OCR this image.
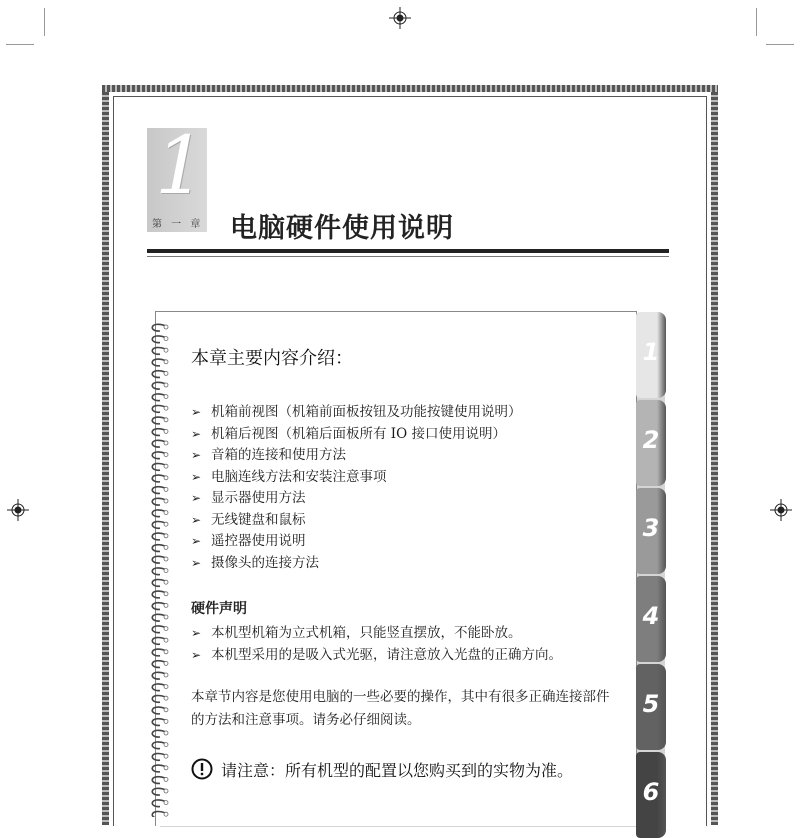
1
第 一 章 电脑硬件使用说明
1
2
3
4
5
6
本章主要内容介绍：
➢ 机箱前视图（机箱前面板按钮及功能按键使用说明）
➢ 机箱后视图（机箱后面板所有 IO 接口使用说明）
➢ 音箱的连接和使用方法
➢ 电脑连线方法和安装注意事项
➢ 显示器使用方法
➢ 无线键盘和鼠标
➢ 遥控器使用说明
➢ 摄像头的连接方法
硬件声明
➢ 本机型机箱为立式机箱，只能竖直摆放，不能卧放。
➢ 本机型采用的是吸入式光驱，请注意放入光盘的正确方向。
本章节内容是您使用电脑的一些必要的操作，其中有很多正确连接部件的方法和注意事项。请务必仔细阅读。
请注意：所有机型的配置以您购买到的实物为准。
